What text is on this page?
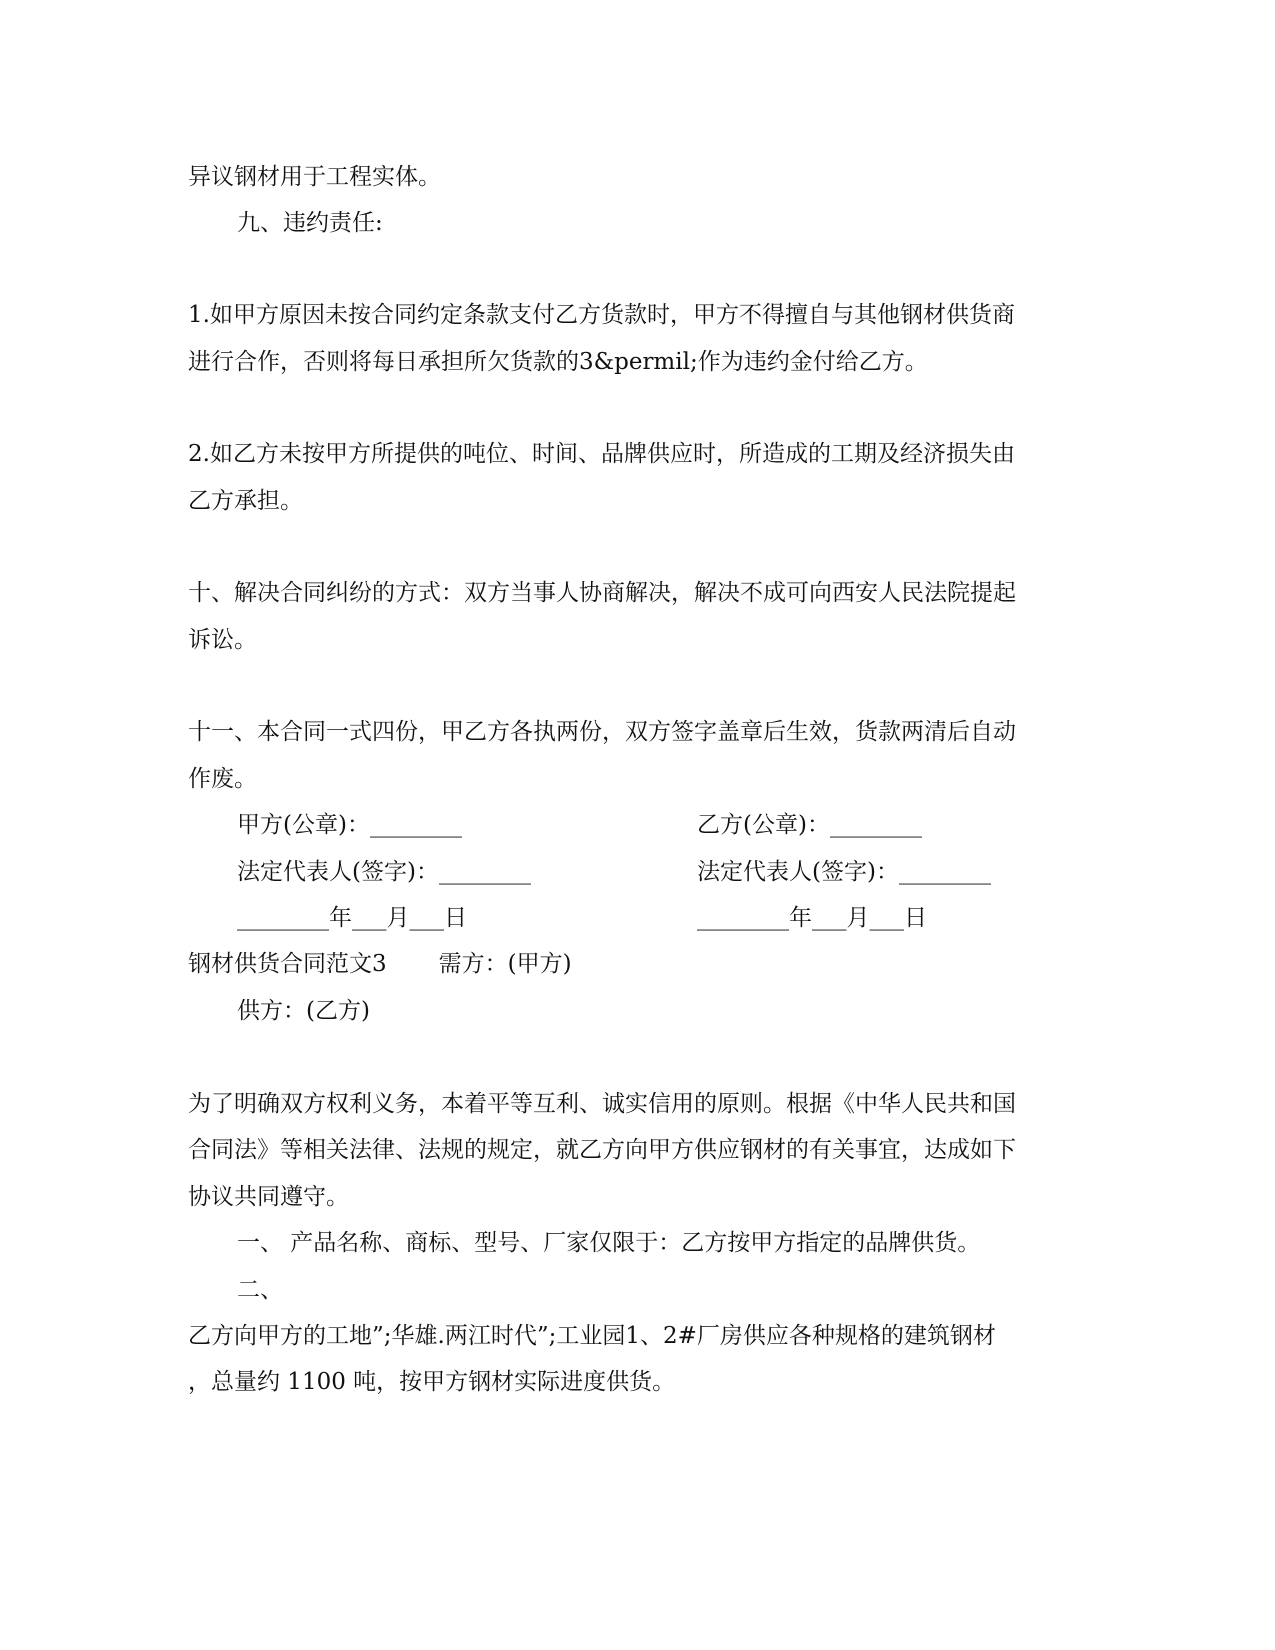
异议钢材用于工程实体。

九、违约责任:

1.如甲方原因未按合同约定条款支付乙方货款时，甲方不得擅自与其他钢材供货商

进行合作，否则将每日承担所欠货款的3&permil;作为违约金付给乙方。

2.如乙方未按甲方所提供的吨位、时间、品牌供应时，所造成的工期及经济损失由

乙方承担。

十、解决合同纠纷的方式：双方当事人协商解决，解决不成可向西安人民法院提起

诉讼。

十一、本合同一式四份，甲乙方各执两份，双方签字盖章后生效，货款两清后自动

作废。

甲方(公章)：________	乙方(公章)：________

法定代表人(签字)：________	法定代表人(签字)：________

________年___月___日	________年___月___日

钢材供货合同范文3 需方：(甲方)

供方：(乙方)

为了明确双方权利义务，本着平等互利、诚实信用的原则。根据《中华人民共和国

合同法》等相关法律、法规的规定，就乙方向甲方供应钢材的有关事宜，达成如下

协议共同遵守。

一、 产品名称、商标、型号、厂家仅限于：乙方按甲方指定的品牌供货。

二、

乙方向甲方的工地”;华雄.两江时代”;工业园1、2#厂房供应各种规格的建筑钢材

，总量约 1100 吨，按甲方钢材实际进度供货。
